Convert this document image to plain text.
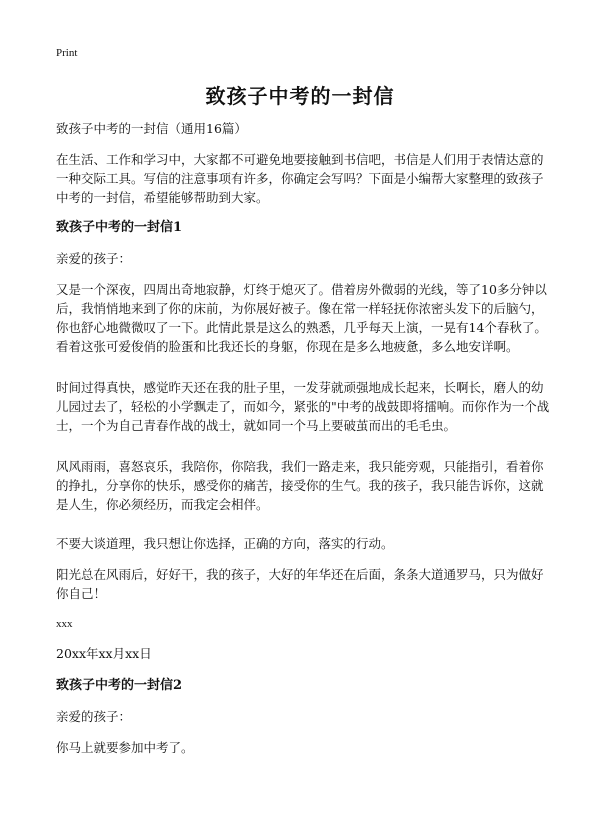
Print
致孩子中考的一封信

致孩子中考的一封信（通用16篇）

在生活、工作和学习中，大家都不可避免地要接触到书信吧，书信是人们用于表情达意的一种交际工具。写信的注意事项有许多，你确定会写吗？下面是小编帮大家整理的致孩子中考的一封信，希望能够帮助到大家。

致孩子中考的一封信1

亲爱的孩子：

又是一个深夜，四周出奇地寂静，灯终于熄灭了。借着房外微弱的光线，等了10多分钟以后，我悄悄地来到了你的床前，为你展好被子。像在常一样轻抚你浓密头发下的后脑勺，你也舒心地微微叹了一下。此情此景是这么的熟悉，几乎每天上演，一晃有14个春秋了。看着这张可爱俊俏的脸蛋和比我还长的身躯，你现在是多么地疲惫，多么地安详啊。

时间过得真快，感觉昨天还在我的肚子里，一发芽就顽强地成长起来，长啊长，磨人的幼儿园过去了，轻松的小学飘走了，而如今，紧张的"中考的战鼓即将擂响。而你作为一个战士，一个为自己青春作战的战士，就如同一个马上要破茧而出的毛毛虫。

风风雨雨，喜怒哀乐，我陪你，你陪我，我们一路走来，我只能旁观，只能指引，看着你的挣扎，分享你的快乐，感受你的痛苦，接受你的生气。我的孩子，我只能告诉你，这就是人生，你必须经历，而我定会相伴。

不要大谈道理，我只想让你选择，正确的方向，落实的行动。

阳光总在风雨后，好好干，我的孩子，大好的年华还在后面，条条大道通罗马，只为做好你自己！

xxx

20xx年xx月xx日

致孩子中考的一封信2

亲爱的孩子：

你马上就要参加中考了。
